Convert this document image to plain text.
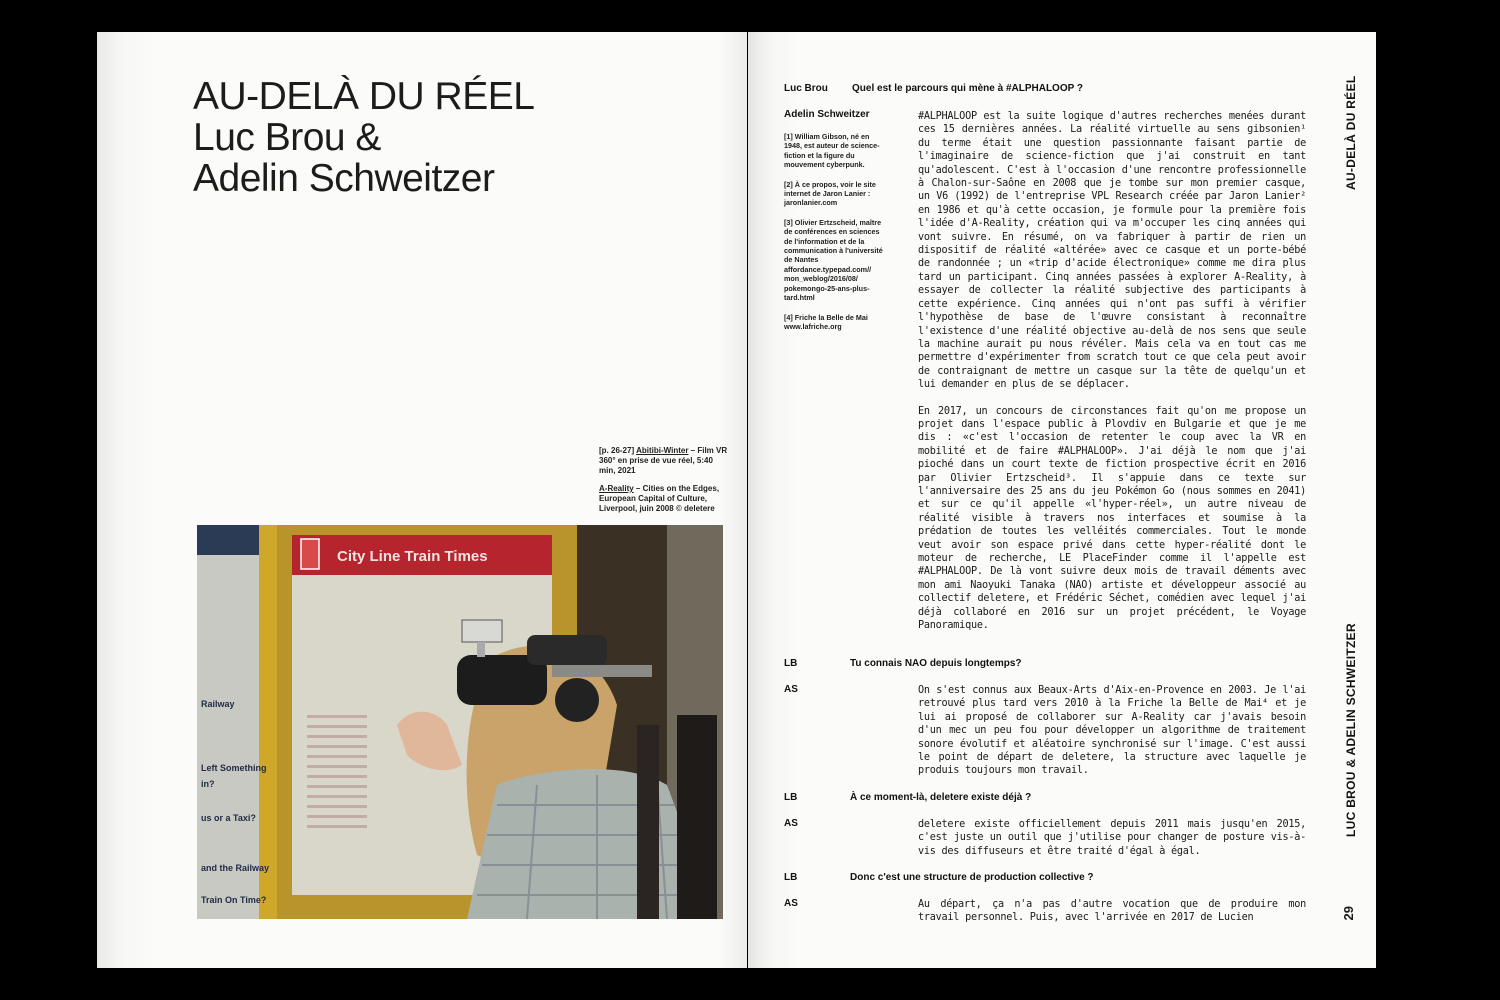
AU-DELÀ DU RÉEL
Luc Brou &
Adelin Schweitzer
[p. 26-27] Abitibi-Winter – Film VR 360° en prise de vue réel, 5:40 min, 2021
A-Reality – Cities on the Edges, European Capital of Culture, Liverpool, juin 2008 © deletere
City Line Train Times
Railway
Left Something
in?
us or a Taxi?
and the Railway
Train On Time?
AU-DELÀ DU RÉEL
LUC BROU & ADELIN SCHWEITZER
29
Luc Brou Quel est le parcours qui mène à #ALPHALOOP ?
Adelin Schweitzer

[1] William Gibson, né en 1948, est auteur de science-fiction et la figure du mouvement cyberpunk.

[2] À ce propos, voir le site internet de Jaron Lanier : jaronlanier.com

[3] Olivier Ertzscheid, maître de conférences en sciences de l'information et de la communication à l'université de Nantes affordance.typepad.com// mon_weblog/2016/08/ pokemongo-25-ans-plus-tard.html

[4] Friche la Belle de Mai www.lafriche.org

#ALPHALOOP est la suite logique d'autres recherches menées durant ces 15 dernières années. La réalité virtuelle au sens gibsonien¹ du terme était une question passionnante faisant partie de l'imaginaire de science-fiction que j'ai construit en tant qu'adolescent. C'est à l'occasion d'une rencontre professionnelle à Chalon-sur-Saône en 2008 que je tombe sur mon premier casque, un V6 (1992) de l'entreprise VPL Research créée par Jaron Lanier² en 1986 et qu'à cette occasion, je formule pour la première fois l'idée d'A-Reality, création qui va m'occuper les cinq années qui vont suivre. En résumé, on va fabriquer à partir de rien un dispositif de réalité «altérée» avec ce casque et un porte-bébé de randonnée ; un «trip d'acide électronique» comme me dira plus tard un participant. Cinq années passées à explorer A-Reality, à essayer de collecter la réalité subjective des participants à cette expérience. Cinq années qui n'ont pas suffi à vérifier l'hypothèse de base de l'œuvre consistant à reconnaître l'existence d'une réalité objective au-delà de nos sens que seule la machine aurait pu nous révéler. Mais cela va en tout cas me permettre d'expérimenter from scratch tout ce que cela peut avoir de contraignant de mettre un casque sur la tête de quelqu'un et lui demander en plus de se déplacer.

En 2017, un concours de circonstances fait qu'on me propose un projet dans l'espace public à Plovdiv en Bulgarie et que je me dis : «c'est l'occasion de retenter le coup avec la VR en mobilité et de faire #ALPHALOOP». J'ai déjà le nom que j'ai pioché dans un court texte de fiction prospective écrit en 2016 par Olivier Ertzscheid³. Il s'appuie dans ce texte sur l'anniversaire des 25 ans du jeu Pokémon Go (nous sommes en 2041) et sur ce qu'il appelle «l'hyper-réel», un autre niveau de réalité visible à travers nos interfaces et soumise à la prédation de toutes les velléités commerciales. Tout le monde veut avoir son espace privé dans cette hyper-réalité dont le moteur de recherche, LE PlaceFinder comme il l'appelle est #ALPHALOOP. De là vont suivre deux mois de travail déments avec mon ami Naoyuki Tanaka (NAO) artiste et développeur associé au collectif deletere, et Frédéric Séchet, comédien avec lequel j'ai déjà collaboré en 2016 sur un projet précédent, le Voyage Panoramique.

LB	Tu connais NAO depuis longtemps?
AS	On s'est connus aux Beaux-Arts d'Aix-en-Provence en 2003. Je l'ai retrouvé plus tard vers 2010 à la Friche la Belle de Mai⁴ et je lui ai proposé de collaborer sur A-Reality car j'avais besoin d'un mec un peu fou pour développer un algorithme de traitement sonore évolutif et aléatoire synchronisé sur l'image. C'est aussi le point de départ de deletere, la structure avec laquelle je produis toujours mon travail.
LB	À ce moment-là, deletere existe déjà ?
AS	deletere existe officiellement depuis 2011 mais jusqu'en 2015, c'est juste un outil que j'utilise pour changer de posture vis-à-vis des diffuseurs et être traité d'égal à égal.
LB	Donc c'est une structure de production collective ?
AS	Au départ, ça n'a pas d'autre vocation que de produire mon travail personnel. Puis, avec l'arrivée en 2017 de Lucien
